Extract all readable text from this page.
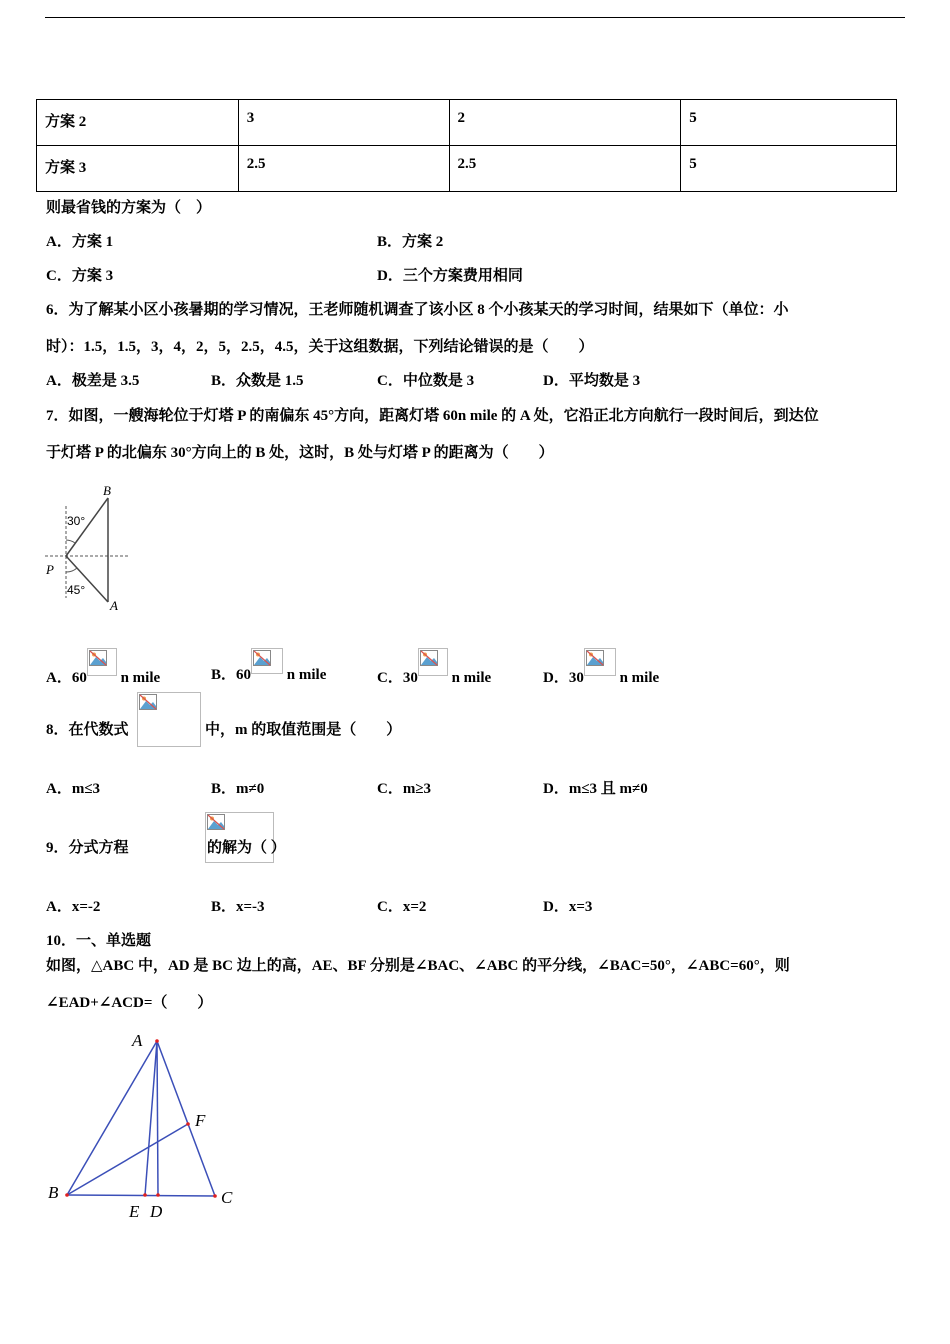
方案 2	3	2	5
方案 3	2.5	2.5	5
则最省钱的方案为（　）
A．方案 1	B．方案 2
C．方案 3	D．三个方案费用相同
6．为了解某小区小孩暑期的学习情况，王老师随机调查了该小区 8 个小孩某天的学习时间，结果如下（单位：小
时）：1.5，1.5，3，4，2，5，2.5，4.5，关于这组数据，下列结论错误的是（　　）
A．极差是 3.5	B．众数是 1.5	C．中位数是 3	D．平均数是 3
7．如图，一艘海轮位于灯塔 P 的南偏东 45°方向，距离灯塔 60n mile 的 A 处，它沿正北方向航行一段时间后，到达位
于灯塔 P 的北偏东 30°方向上的 B 处，这时，B 处与灯塔 P 的距离为（　　）
B
P
A
30°
45°
A．60 n mile	B．60 n mile	C．30 n mile	D．30 n mile
8．在代数式
	中，m 的取值范围是（　　）
A．m≤3	B．m≠0	C．m≥3	D．m≤3 且 m≠0
9．分式方程	的解为（ ）
A．x=-2	B．x=-3	C．x=2	D．x=3
10．一、单选题
如图，△ABC 中，AD 是 BC 边上的高，AE、BF 分别是∠BAC、∠ABC 的平分线，∠BAC=50°，∠ABC=60°，则
∠EAD+∠ACD=（　　）
A
B	C
E D
F
